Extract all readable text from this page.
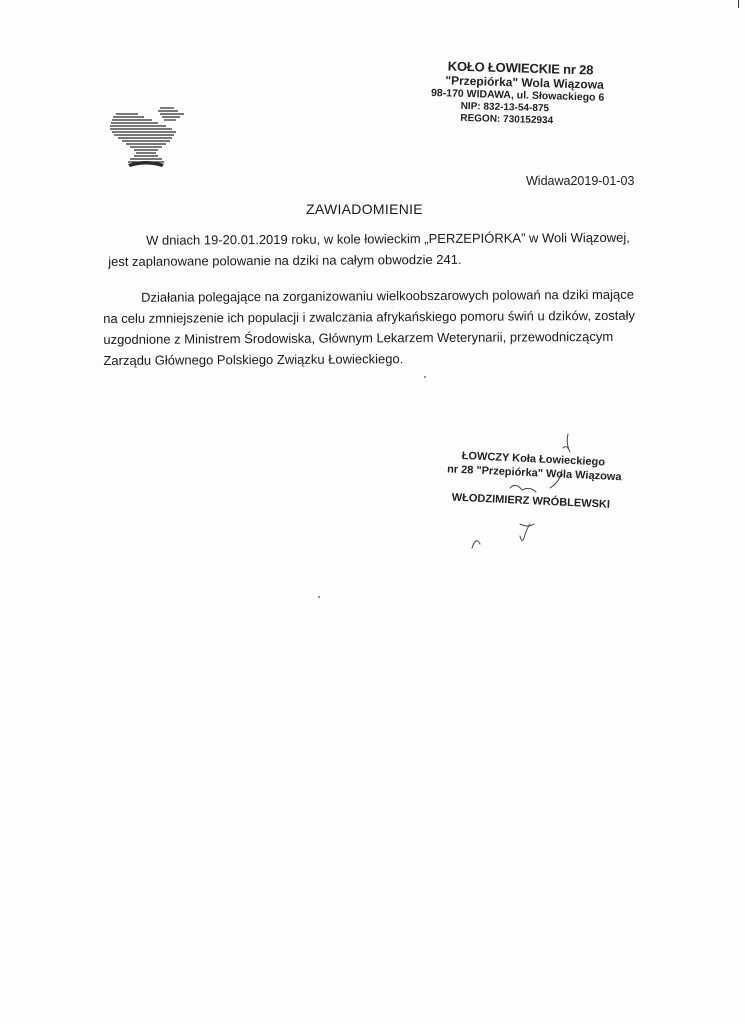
KOŁO ŁOWIECKIE nr 28
"Przepiórka" Wola Wiązowa
98-170 WIDAWA, ul. Słowackiego 6
NIP: 832-13-54-875
REGON: 730152934
Widawa2019-01-03
ZAWIADOMIENIE
W dniach 19-20.01.2019 roku, w kole łowieckim „PERZEPIÓRKA” w Woli Wiązowej,
jest zaplanowane polowanie na dziki na całym obwodzie 241.
Działania polegające na zorganizowaniu wielkoobszarowych polowań na dziki mające
na celu zmniejszenie ich populacji i zwalczania afrykańskiego pomoru świń u dzików, zostały
uzgodnione z Ministrem Środowiska, Głównym Lekarzem Weterynarii, przewodniczącym
Zarządu Głównego Polskiego Związku Łowieckiego.
ŁOWCZY Koła Łowieckiego
nr 28 "Przepiórka" Wola Wiązowa
WŁODZIMIERZ WRÓBLEWSKI
